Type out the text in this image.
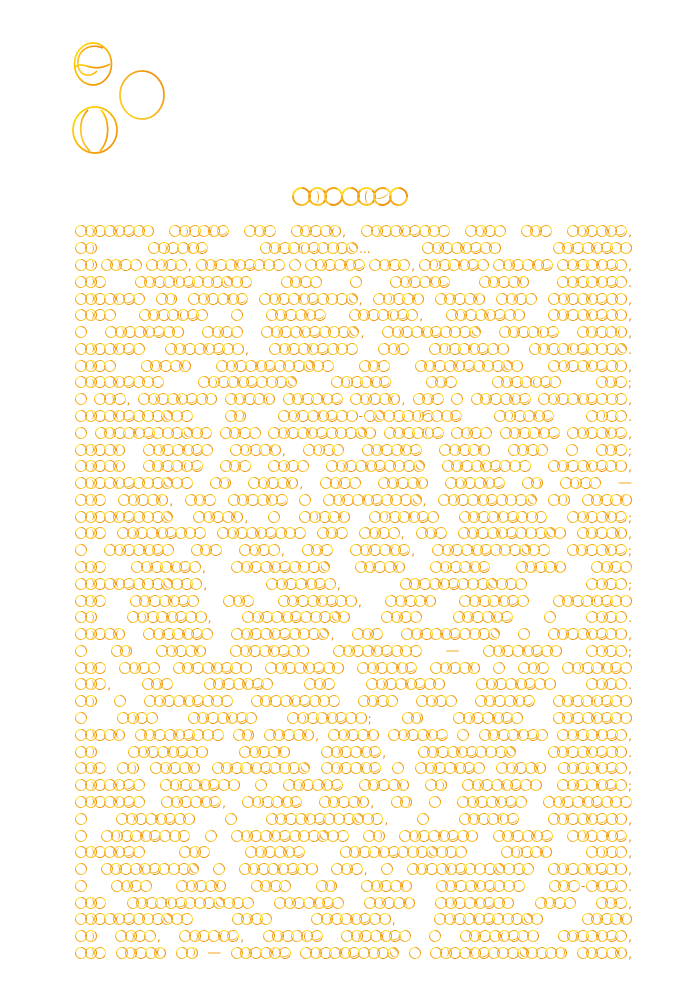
,	,
...
,	,	,
.
,	,
,	,
,	,
,	.
,
;
,	,	,
-	.
,
,	;
,
,	—
,	,
,	;
,	,
,	,	;
,
,	,	;
,
,	.
,	,
—	;
,	.
;
,	,
,	.
,
;
,	,
,	,
,
,
,	,
-	.
,
,
,	,	,
—	,
